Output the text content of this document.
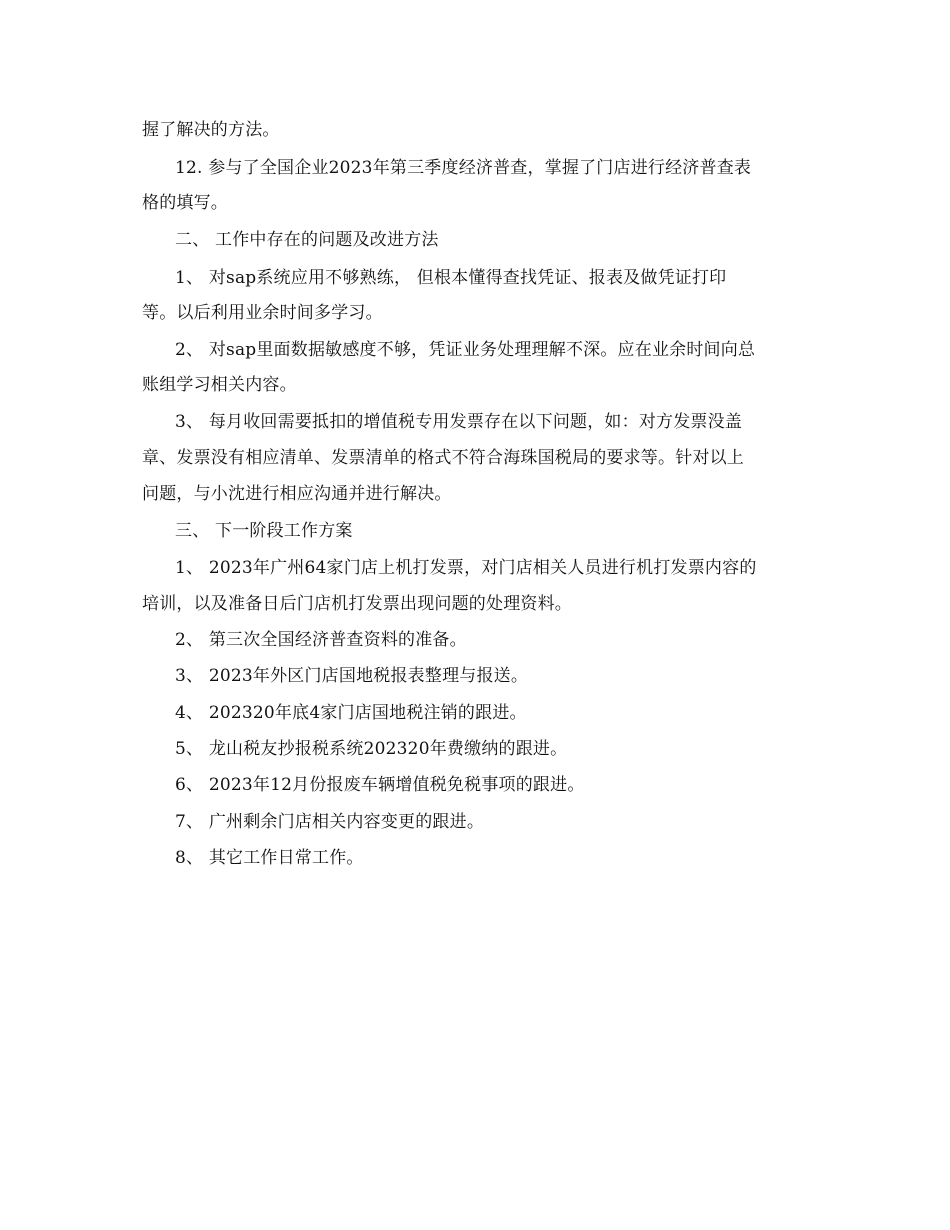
握了解决的方法。
12. 参与了全国企业2023年第三季度经济普查，掌握了门店进行经济普查表
格的填写。
二、 工作中存在的问题及改进方法
1、 对sap系统应用不够熟练， 但根本懂得查找凭证、报表及做凭证打印
等。以后利用业余时间多学习。
2、 对sap里面数据敏感度不够，凭证业务处理理解不深。应在业余时间向总
账组学习相关内容。
3、 每月收回需要抵扣的增值税专用发票存在以下问题，如：对方发票没盖
章、发票没有相应清单、发票清单的格式不符合海珠国税局的要求等。针对以上
问题，与小沈进行相应沟通并进行解决。
三、 下一阶段工作方案
1、 2023年广州64家门店上机打发票，对门店相关人员进行机打发票内容的
培训，以及准备日后门店机打发票出现问题的处理资料。
2、 第三次全国经济普查资料的准备。
3、 2023年外区门店国地税报表整理与报送。
4、 202320年底4家门店国地税注销的跟进。
5、 龙山税友抄报税系统202320年费缴纳的跟进。
6、 2023年12月份报废车辆增值税免税事项的跟进。
7、 广州剩余门店相关内容变更的跟进。
8、 其它工作日常工作。
